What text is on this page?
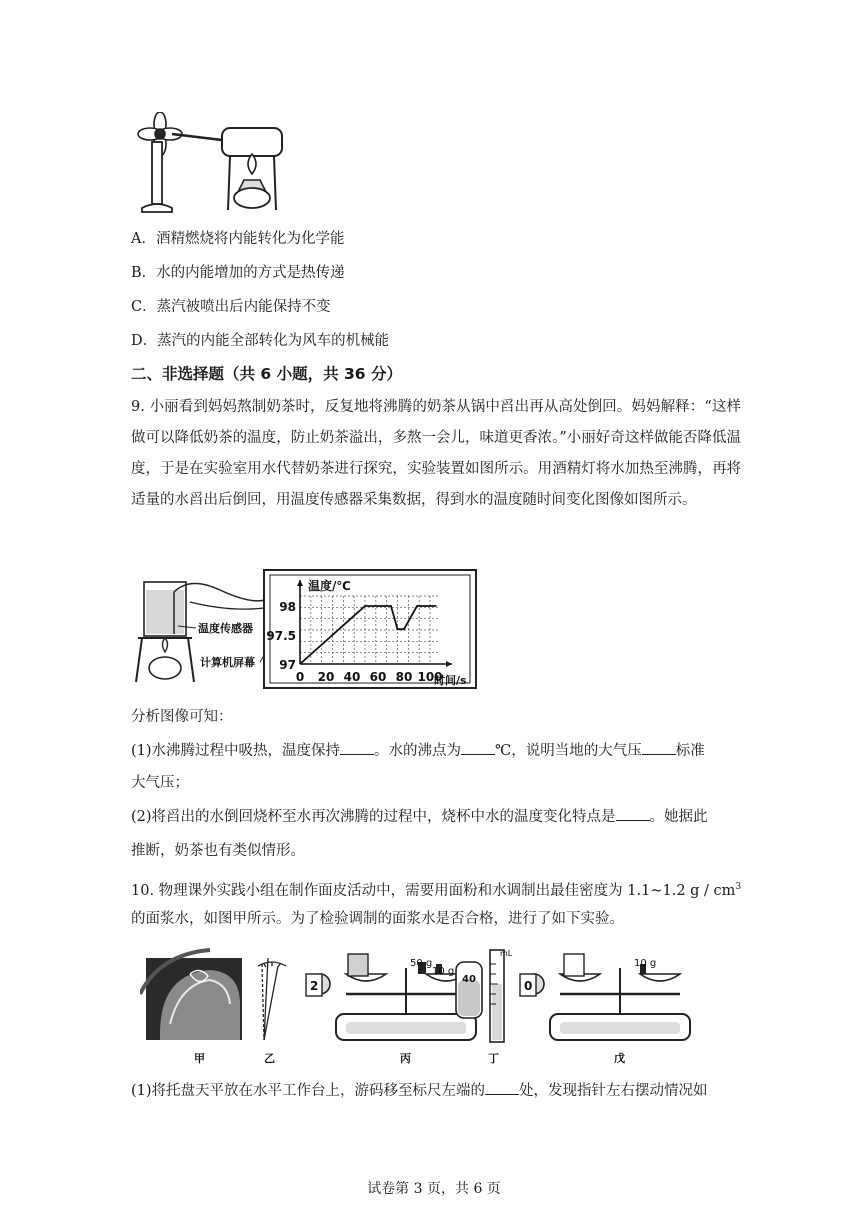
A．酒精燃烧将内能转化为化学能
B．水的内能增加的方式是热传递
C．蒸汽被喷出后内能保持不变
D．蒸汽的内能全部转化为风车的机械能
二、非选择题（共 6 小题，共 36 分）
9. 小丽看到妈妈熬制奶茶时，反复地将沸腾的奶茶从锅中舀出再从高处倒回。妈妈解释：“这样做可以降低奶茶的温度，防止奶茶溢出，多熬一会儿，味道更香浓。”小丽好奇这样做能否降低温度，于是在实验室用水代替奶茶进行探究，实验装置如图所示。用酒精灯将水加热至沸腾，再将适量的水舀出后倒回，用温度传感器采集数据，得到水的温度随时间变化图像如图所示。
温度传感器
计算机屏幕
温度/℃
时间/s
98
97.5
97
0 20 40 60 80 100
分析图像可知：
(1)水沸腾过程中吸热，温度保持 。水的沸点为 ℃，说明当地的大气压 标准
大气压；
(2)将舀出的水倒回烧杯至水再次沸腾的过程中，烧杯中水的温度变化特点是 。她据此
推断，奶茶也有类似情形。
10. 物理课外实践小组在制作面皮活动中，需要用面粉和水调制出最佳密度为 1.1~1.2 g / $cm^3$
的面浆水，如图甲所示。为了检验调制的面浆水是否合格，进行了如下实验。
50 g
10 g
2
mL
40
10 g
0
甲	乙	丙	丁	戊
(1)将托盘天平放在水平工作台上，游码移至标尺左端的 处，发现指针左右摆动情况如
试卷第 3 页，共 6 页
